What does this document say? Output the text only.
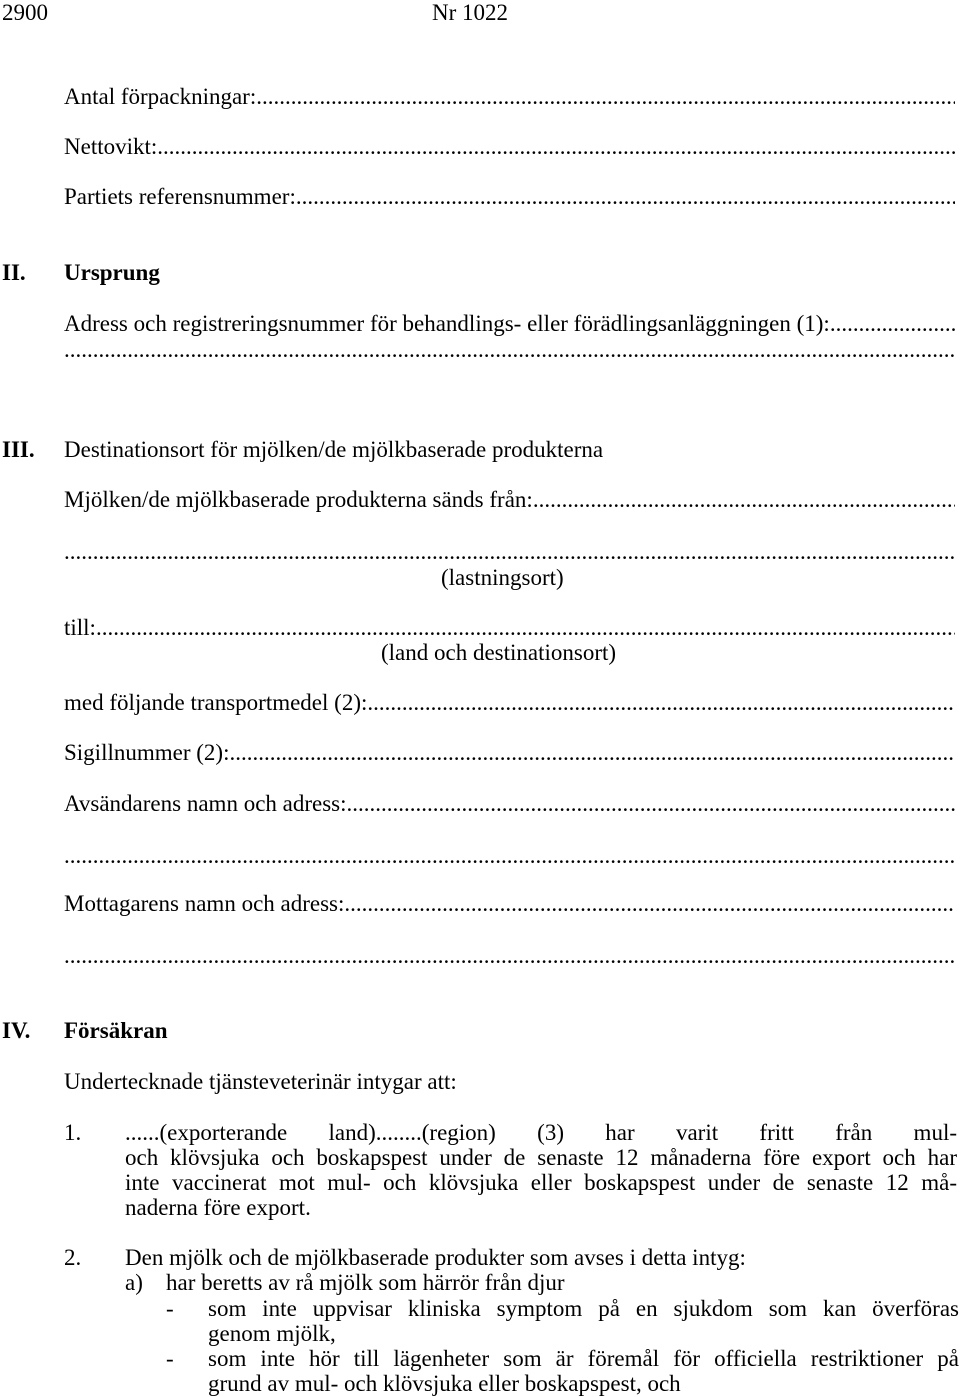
2900	Nr 1022
Antal förpackningar:
.....
Nettovikt:
.....
Partiets referensnummer:
.....
II. Ursprung
Adress och registreringsnummer för behandlings- eller förädlingsanläggningen (1):
.....
.....
III. Destinationsort för mjölken/de mjölkbaserade produkterna
Mjölken/de mjölkbaserade produkterna sänds från:
.....
.....
(lastningsort)
till:
.....
(land och destinationsort)
med följande transportmedel (2):
.....
Sigillnummer (2):
.....
Avsändarens namn och adress:
.....
.....
Mottagarens namn och adress:
.....
.....
IV. Försäkran
Undertecknade tjänsteveterinär intygar att:
1. ......(exporterande land)........(region) (3) har varit fritt från mul-
och klövsjuka och boskapspest under de senaste 12 månaderna före export och har
inte vaccinerat mot mul- och klövsjuka eller boskapspest under de senaste 12 må-
naderna före export.
2. Den mjölk och de mjölkbaserade produkter som avses i detta intyg:
a) har beretts av rå mjölk som härrör från djur
- som inte uppvisar kliniska symptom på en sjukdom som kan överföras
genom mjölk,
- som inte hör till lägenheter som är föremål för officiella restriktioner på
grund av mul- och klövsjuka eller boskapspest, och
